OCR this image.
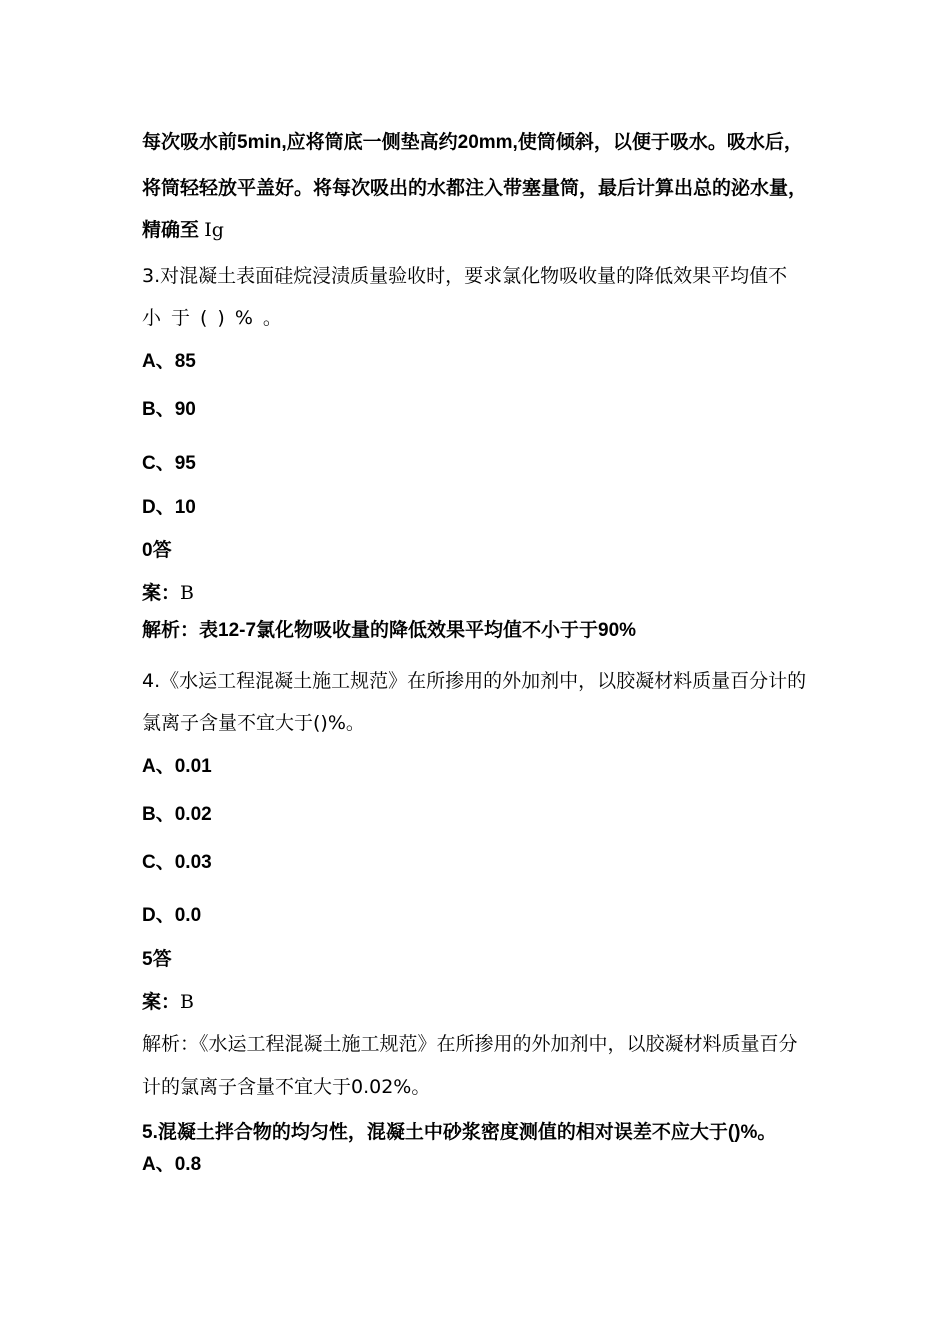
每次吸水前5min,应将筒底一侧垫高约20mm,使筒倾斜，以便于吸水。吸水后，
将筒轻轻放平盖好。将每次吸出的水都注入带塞量筒，最后计算出总的泌水量，
精确至 Ig
3.对混凝土表面硅烷浸渍质量验收时，要求氯化物吸收量的降低效果平均值不
小于()%。
A、85
B、90
C、95
D、10
0答
案：B
解析：表12-7氯化物吸收量的降低效果平均值不小于于90%
4.《水运工程混凝土施工规范》在所掺用的外加剂中，以胶凝材料质量百分计的
氯离子含量不宜大于()%。
A、0.01
B、0.02
C、0.03
D、0.0
5答
案：B
解析：《水运工程混凝土施工规范》在所掺用的外加剂中，以胶凝材料质量百分
计的氯离子含量不宜大于0.02%。
5.混凝土拌合物的均匀性，混凝土中砂浆密度测值的相对误差不应大于()%。
A、0.8
